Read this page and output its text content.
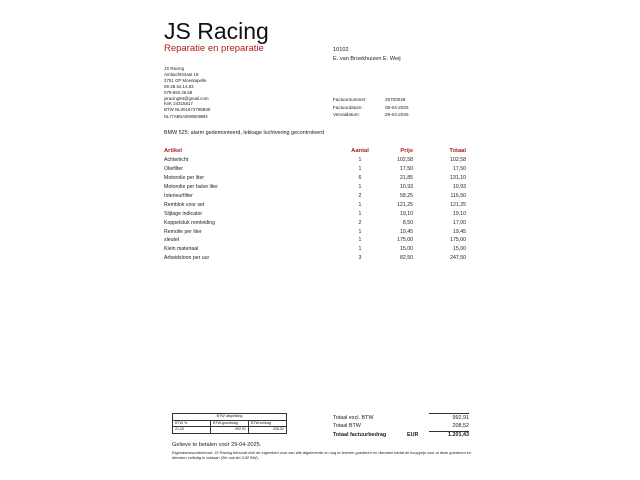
JS Racing
Reparatie en preparatie	10102
E. van Broekhuizen E. Weij
JS Racing
Ambachtstraat 18
2751 GP Moerkapelle
06-28.54.14.83
079-593.26.58
jsracing94@gmail.com
KvK 24315817
BTW NL001673785B40
Factuurnummer:	25700028
Factuurdatum:	08-04-2025
Vervaldatum:	29-04-2025
NL77ABNA0590808884
BMW 525; alarm gedemonteerd, lekkage luchtvering gecontroleerd
Artikel	Aantal	Prijs	Totaal
Achterlicht	1	102,58	102,58
Oliefilter	1	17,50	17,50
Motorolie per liter	6	21,85	131,10
Motorolie per halve liter	1	10,93	10,93
Interieurfilter	2	58,25	116,50
Remblok voor set	1	121,25	121,25
Slijtage indicator	1	19,10	19,10
Koppelstuk remleiding	2	8,50	17,00
Remolie per liter	1	19,45	19,45
sleutel	1	175,00	175,00
Klein materiaal	1	15,00	15,00
Arbeidsloon per uur	3	82,50	247,50
BTW uitsplitsing
BTW %	BTW-grondslag	BTW-bedrag
21,00	992,91	208,52
Totaal excl. BTW	992,91
Totaal BTW	208,52
Totaal factuurbedrag	EUR	1.201,43
Gelieve te betalen voor 29-04-2025.
Eigendomsvoorbehoud: JS Racing behoudt zich de eigendom voor van alle afgeleverde en nog te leveren goederen en diensten totdat de koopprijs voor al deze goederen en diensten volledig is voldaan (Zie ook Art 3:92 BW).
